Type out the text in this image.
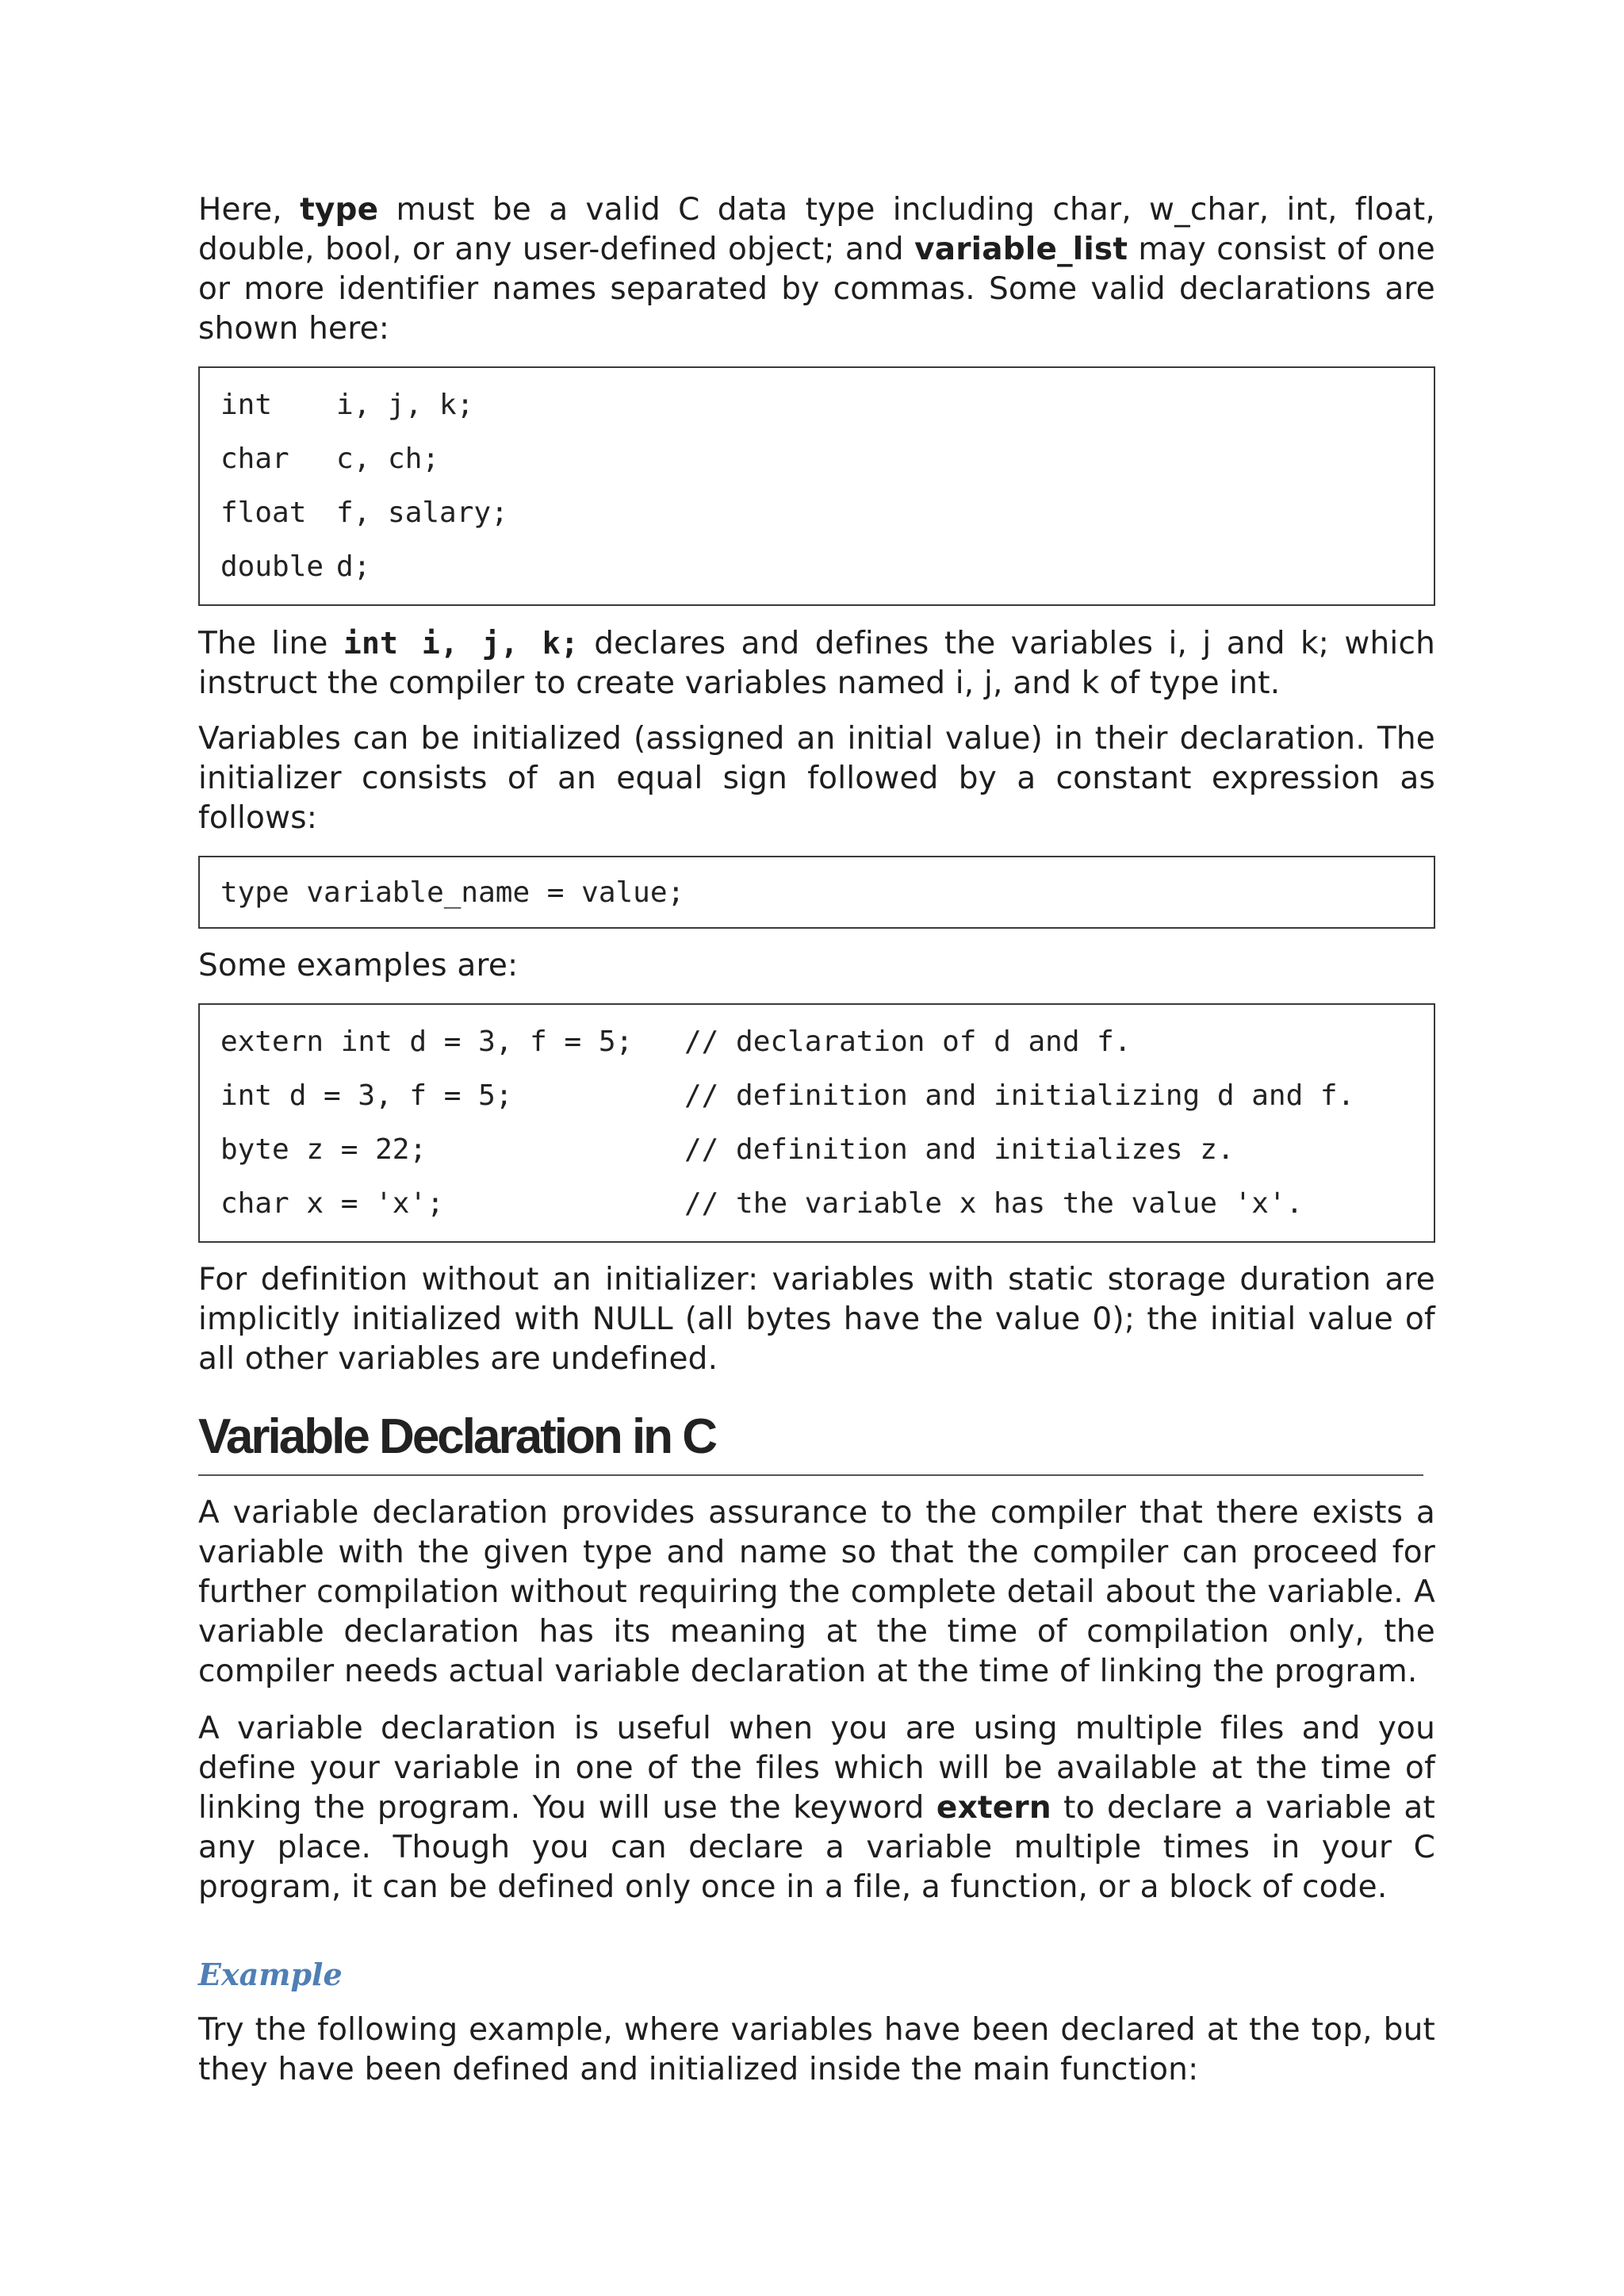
Here, type must be a valid C data type including char, w_char, int, float, double, bool, or any user-defined object; and variable_list may consist of one or more identifier names separated by commas. Some valid declarations are shown here:

int	i, j, k;
char	c, ch;
float	f, salary;
double d;

The line int i, j, k; declares and defines the variables i, j and k; which instruct the compiler to create variables named i, j, and k of type int.

Variables can be initialized (assigned an initial value) in their declaration. The initializer consists of an equal sign followed by a constant expression as follows:

type variable_name = value;

Some examples are:

extern int d = 3, f = 5;	// declaration of d and f.
int d = 3, f = 5;	// definition and initializing d and f.
byte z = 22;	// definition and initializes z.
char x = 'x';	// the variable x has the value 'x'.

For definition without an initializer: variables with static storage duration are implicitly initialized with NULL (all bytes have the value 0); the initial value of all other variables are undefined.

Variable Declaration in C

A variable declaration provides assurance to the compiler that there exists a variable with the given type and name so that the compiler can proceed for further compilation without requiring the complete detail about the variable. A variable declaration has its meaning at the time of compilation only, the compiler needs actual variable declaration at the time of linking the program.

A variable declaration is useful when you are using multiple files and you define your variable in one of the files which will be available at the time of linking the program. You will use the keyword extern to declare a variable at any place. Though you can declare a variable multiple times in your C program, it can be defined only once in a file, a function, or a block of code.

Example

Try the following example, where variables have been declared at the top, but they have been defined and initialized inside the main function:
